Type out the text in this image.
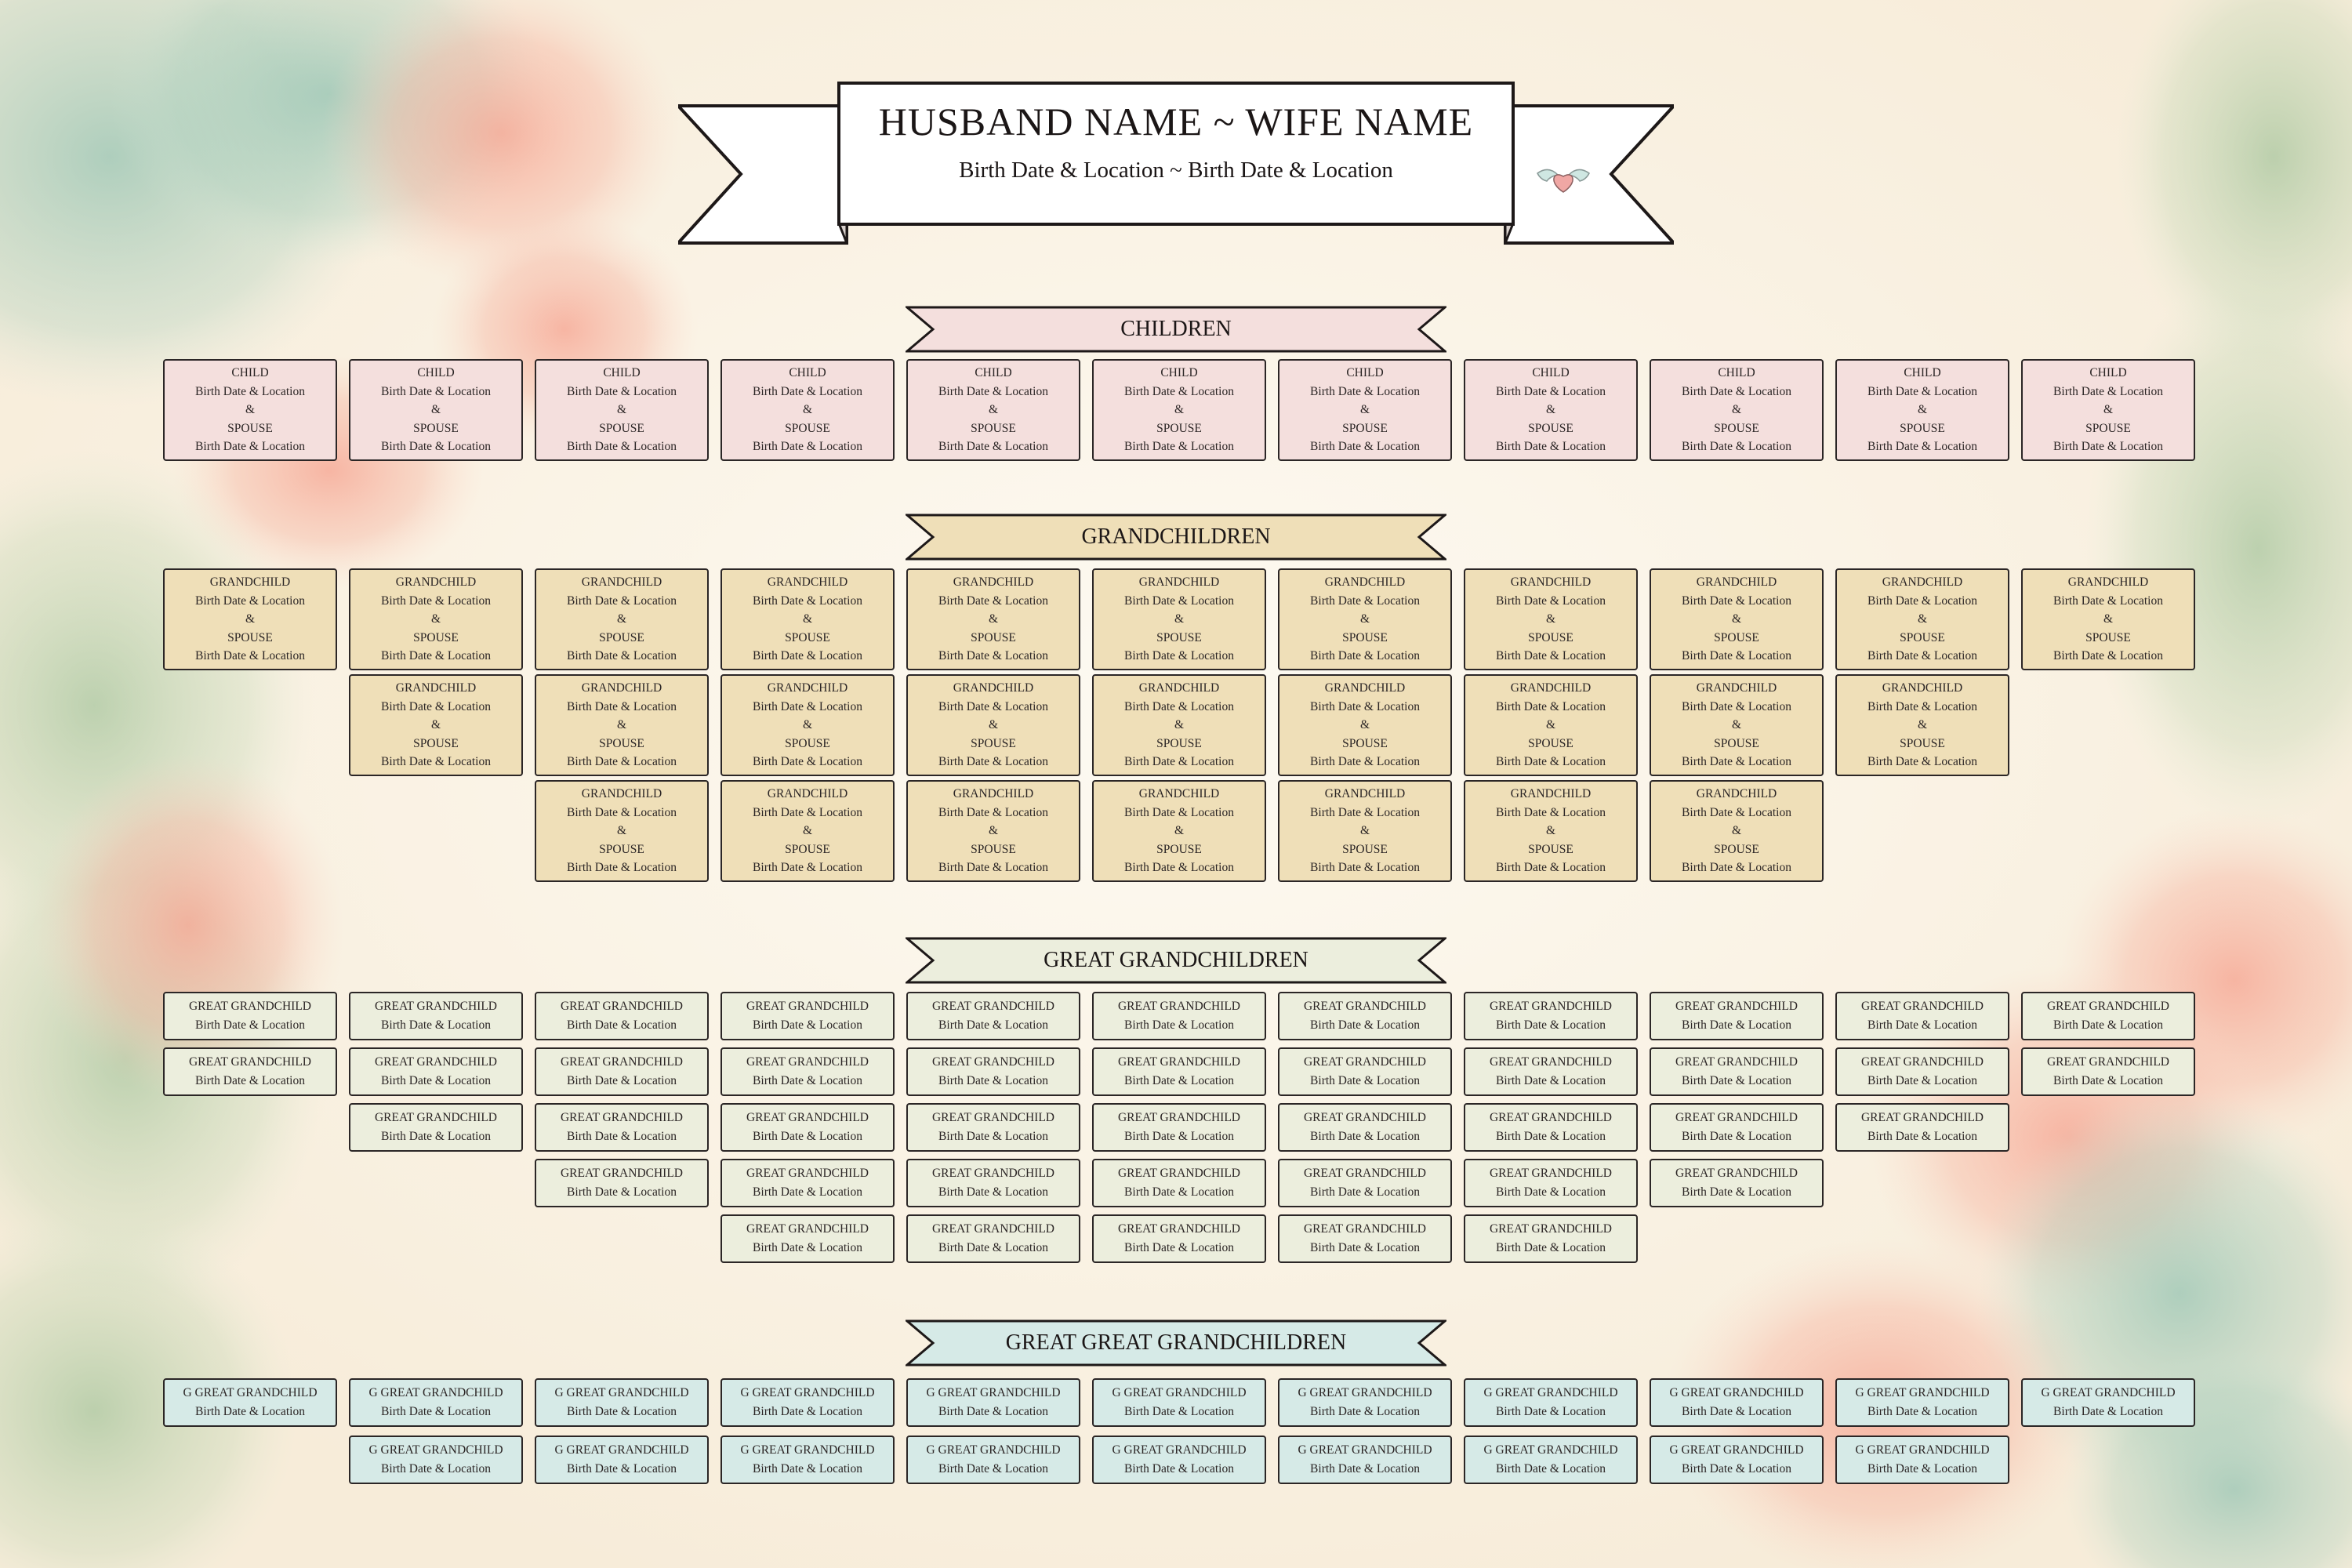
HUSBAND NAME ~ WIFE NAME
Birth Date & Location ~ Birth Date & Location
CHILDREN
GRANDCHILDREN
GREAT GRANDCHILDREN
GREAT GREAT GRANDCHILDREN
CHILD
Birth Date & Location
&
SPOUSE
Birth Date & Location
CHILD
Birth Date & Location
&
SPOUSE
Birth Date & Location
CHILD
Birth Date & Location
&
SPOUSE
Birth Date & Location
CHILD
Birth Date & Location
&
SPOUSE
Birth Date & Location
CHILD
Birth Date & Location
&
SPOUSE
Birth Date & Location
CHILD
Birth Date & Location
&
SPOUSE
Birth Date & Location
CHILD
Birth Date & Location
&
SPOUSE
Birth Date & Location
CHILD
Birth Date & Location
&
SPOUSE
Birth Date & Location
CHILD
Birth Date & Location
&
SPOUSE
Birth Date & Location
CHILD
Birth Date & Location
&
SPOUSE
Birth Date & Location
CHILD
Birth Date & Location
&
SPOUSE
Birth Date & Location
GRANDCHILD
Birth Date & Location
&
SPOUSE
Birth Date & Location
GRANDCHILD
Birth Date & Location
&
SPOUSE
Birth Date & Location
GRANDCHILD
Birth Date & Location
&
SPOUSE
Birth Date & Location
GRANDCHILD
Birth Date & Location
&
SPOUSE
Birth Date & Location
GRANDCHILD
Birth Date & Location
&
SPOUSE
Birth Date & Location
GRANDCHILD
Birth Date & Location
&
SPOUSE
Birth Date & Location
GRANDCHILD
Birth Date & Location
&
SPOUSE
Birth Date & Location
GRANDCHILD
Birth Date & Location
&
SPOUSE
Birth Date & Location
GRANDCHILD
Birth Date & Location
&
SPOUSE
Birth Date & Location
GRANDCHILD
Birth Date & Location
&
SPOUSE
Birth Date & Location
GRANDCHILD
Birth Date & Location
&
SPOUSE
Birth Date & Location
GRANDCHILD
Birth Date & Location
&
SPOUSE
Birth Date & Location
GRANDCHILD
Birth Date & Location
&
SPOUSE
Birth Date & Location
GRANDCHILD
Birth Date & Location
&
SPOUSE
Birth Date & Location
GRANDCHILD
Birth Date & Location
&
SPOUSE
Birth Date & Location
GRANDCHILD
Birth Date & Location
&
SPOUSE
Birth Date & Location
GRANDCHILD
Birth Date & Location
&
SPOUSE
Birth Date & Location
GRANDCHILD
Birth Date & Location
&
SPOUSE
Birth Date & Location
GRANDCHILD
Birth Date & Location
&
SPOUSE
Birth Date & Location
GRANDCHILD
Birth Date & Location
&
SPOUSE
Birth Date & Location
GRANDCHILD
Birth Date & Location
&
SPOUSE
Birth Date & Location
GRANDCHILD
Birth Date & Location
&
SPOUSE
Birth Date & Location
GRANDCHILD
Birth Date & Location
&
SPOUSE
Birth Date & Location
GRANDCHILD
Birth Date & Location
&
SPOUSE
Birth Date & Location
GRANDCHILD
Birth Date & Location
&
SPOUSE
Birth Date & Location
GRANDCHILD
Birth Date & Location
&
SPOUSE
Birth Date & Location
GRANDCHILD
Birth Date & Location
&
SPOUSE
Birth Date & Location
GREAT GRANDCHILD
Birth Date & Location
GREAT GRANDCHILD
Birth Date & Location
GREAT GRANDCHILD
Birth Date & Location
GREAT GRANDCHILD
Birth Date & Location
GREAT GRANDCHILD
Birth Date & Location
GREAT GRANDCHILD
Birth Date & Location
GREAT GRANDCHILD
Birth Date & Location
GREAT GRANDCHILD
Birth Date & Location
GREAT GRANDCHILD
Birth Date & Location
GREAT GRANDCHILD
Birth Date & Location
GREAT GRANDCHILD
Birth Date & Location
GREAT GRANDCHILD
Birth Date & Location
GREAT GRANDCHILD
Birth Date & Location
GREAT GRANDCHILD
Birth Date & Location
GREAT GRANDCHILD
Birth Date & Location
GREAT GRANDCHILD
Birth Date & Location
GREAT GRANDCHILD
Birth Date & Location
GREAT GRANDCHILD
Birth Date & Location
GREAT GRANDCHILD
Birth Date & Location
GREAT GRANDCHILD
Birth Date & Location
GREAT GRANDCHILD
Birth Date & Location
GREAT GRANDCHILD
Birth Date & Location
GREAT GRANDCHILD
Birth Date & Location
GREAT GRANDCHILD
Birth Date & Location
GREAT GRANDCHILD
Birth Date & Location
GREAT GRANDCHILD
Birth Date & Location
GREAT GRANDCHILD
Birth Date & Location
GREAT GRANDCHILD
Birth Date & Location
GREAT GRANDCHILD
Birth Date & Location
GREAT GRANDCHILD
Birth Date & Location
GREAT GRANDCHILD
Birth Date & Location
GREAT GRANDCHILD
Birth Date & Location
GREAT GRANDCHILD
Birth Date & Location
GREAT GRANDCHILD
Birth Date & Location
GREAT GRANDCHILD
Birth Date & Location
GREAT GRANDCHILD
Birth Date & Location
GREAT GRANDCHILD
Birth Date & Location
GREAT GRANDCHILD
Birth Date & Location
GREAT GRANDCHILD
Birth Date & Location
GREAT GRANDCHILD
Birth Date & Location
GREAT GRANDCHILD
Birth Date & Location
GREAT GRANDCHILD
Birth Date & Location
GREAT GRANDCHILD
Birth Date & Location
G GREAT GRANDCHILD
Birth Date & Location
G GREAT GRANDCHILD
Birth Date & Location
G GREAT GRANDCHILD
Birth Date & Location
G GREAT GRANDCHILD
Birth Date & Location
G GREAT GRANDCHILD
Birth Date & Location
G GREAT GRANDCHILD
Birth Date & Location
G GREAT GRANDCHILD
Birth Date & Location
G GREAT GRANDCHILD
Birth Date & Location
G GREAT GRANDCHILD
Birth Date & Location
G GREAT GRANDCHILD
Birth Date & Location
G GREAT GRANDCHILD
Birth Date & Location
G GREAT GRANDCHILD
Birth Date & Location
G GREAT GRANDCHILD
Birth Date & Location
G GREAT GRANDCHILD
Birth Date & Location
G GREAT GRANDCHILD
Birth Date & Location
G GREAT GRANDCHILD
Birth Date & Location
G GREAT GRANDCHILD
Birth Date & Location
G GREAT GRANDCHILD
Birth Date & Location
G GREAT GRANDCHILD
Birth Date & Location
G GREAT GRANDCHILD
Birth Date & Location
